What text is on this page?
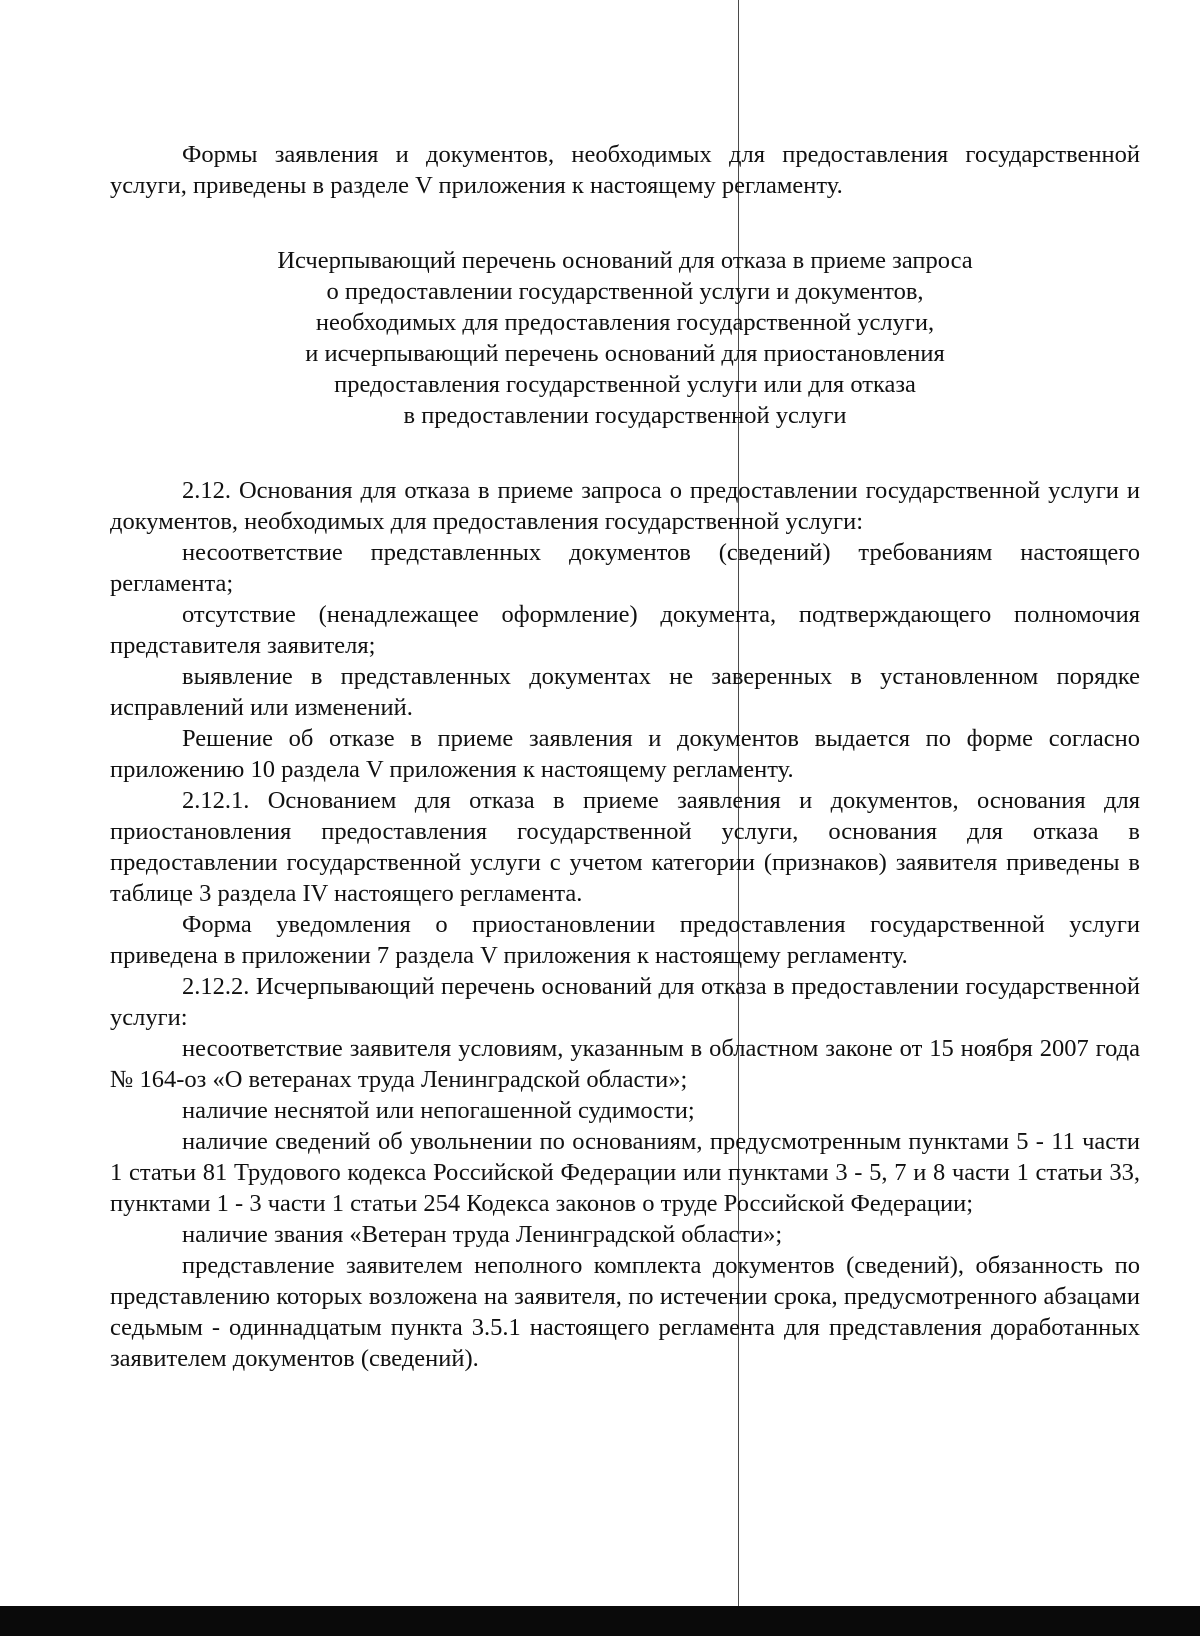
Формы заявления и документов, необходимых для предоставления государственной услуги, приведены в разделе V приложения к настоящему регламенту.

Исчерпывающий перечень оснований для отказа в приеме запроса
о предоставлении государственной услуги и документов,
необходимых для предоставления государственной услуги,
и исчерпывающий перечень оснований для приостановления
предоставления государственной услуги или для отказа
в предоставлении государственной услуги

2.12. Основания для отказа в приеме запроса о предоставлении государственной услуги и документов, необходимых для предоставления государственной услуги:

несоответствие представленных документов (сведений) требованиям настоящего регламента;

отсутствие (ненадлежащее оформление) документа, подтверждающего полномочия представителя заявителя;

выявление в представленных документах не заверенных в установленном порядке исправлений или изменений.

Решение об отказе в приеме заявления и документов выдается по форме согласно приложению 10 раздела V приложения к настоящему регламенту.

2.12.1. Основанием для отказа в приеме заявления и документов, основания для приостановления предоставления государственной услуги, основания для отказа в предоставлении государственной услуги с учетом категории (признаков) заявителя приведены в таблице 3 раздела IV настоящего регламента.

Форма уведомления о приостановлении предоставления государственной услуги приведена в приложении 7 раздела V приложения к настоящему регламенту.

2.12.2. Исчерпывающий перечень оснований для отказа в предоставлении государственной услуги:

несоответствие заявителя условиям, указанным в областном законе от 15 ноября 2007 года № 164-оз «О ветеранах труда Ленинградской области»;

наличие неснятой или непогашенной судимости;

наличие сведений об увольнении по основаниям, предусмотренным пунктами 5 - 11 части 1 статьи 81 Трудового кодекса Российской Федерации или пунктами 3 - 5, 7 и 8 части 1 статьи 33, пунктами 1 - 3 части 1 статьи 254 Кодекса законов о труде Российской Федерации;

наличие звания «Ветеран труда Ленинградской области»;

представление заявителем неполного комплекта документов (сведений), обязанность по представлению которых возложена на заявителя, по истечении срока, предусмотренного абзацами седьмым - одиннадцатым пункта 3.5.1 настоящего регламента для представления доработанных заявителем документов (сведений).
